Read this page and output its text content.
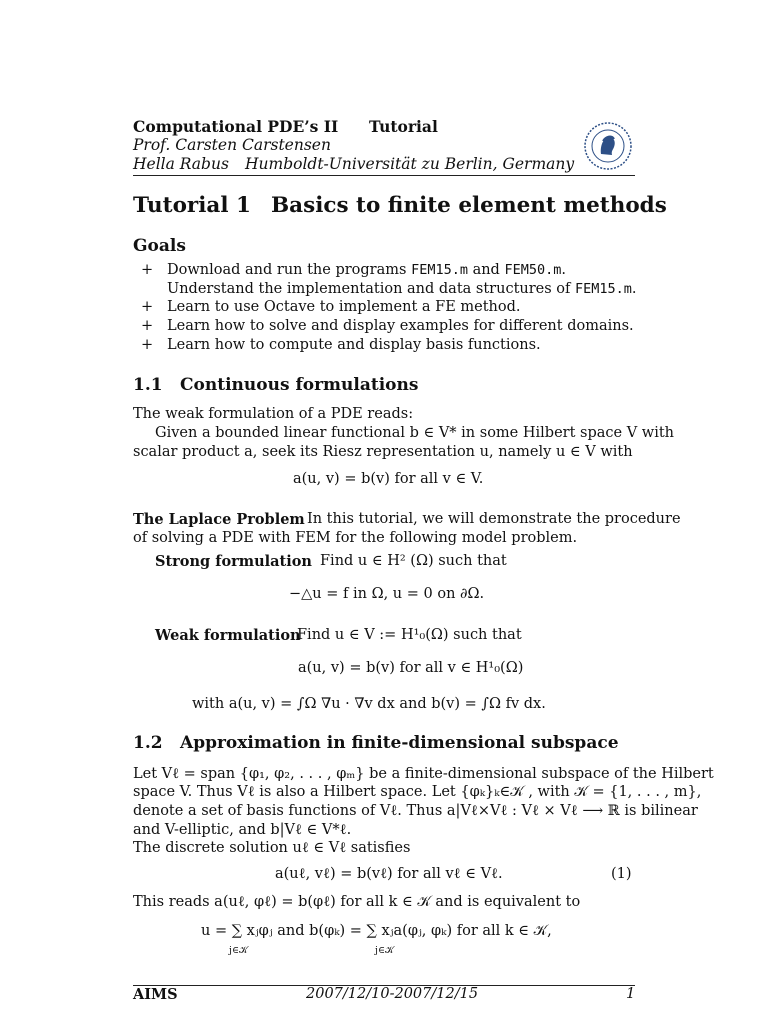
Computational PDE’s II Tutorial
Prof. Carsten Carstensen
Hella Rabus Humboldt-Universität zu Berlin, Germany
Tutorial 1 Basics to finite element methods
Goals
+ Download and run the programs FEM15.m and FEM50.m.
Understand the implementation and data structures of FEM15.m.
+ Learn to use Octave to implement a FE method.
+ Learn how to solve and display examples for different domains.
+ Learn how to compute and display basis functions.
1.1 Continuous formulations
The weak formulation of a PDE reads:
Given a bounded linear functional b ∈ V* in some Hilbert space V with
scalar product a, seek its Riesz representation u, namely u ∈ V with
a(u, v) = b(v) for all v ∈ V.
The Laplace Problem In this tutorial, we will demonstrate the procedure
of solving a PDE with FEM for the following model problem.
Strong formulation Find u ∈ H² (Ω) such that
−△u = f in Ω, u = 0 on ∂Ω.
Weak formulation
Find u ∈ V := H¹₀(Ω) such that
a(u, v) = b(v) for all v ∈ H¹₀(Ω)
with a(u, v) = ∫Ω ∇u · ∇v dx and b(v) = ∫Ω fv dx.
1.2 Approximation in finite-dimensional subspace
Let Vℓ = span {φ₁, φ₂, . . . , φₘ} be a finite-dimensional subspace of the Hilbert
space V. Thus Vℓ is also a Hilbert space. Let {φₖ}ₖ∈𝒦 , with 𝒦 = {1, . . . , m},
denote a set of basis functions of Vℓ. Thus a|Vℓ×Vℓ : Vℓ × Vℓ ⟶ ℝ is bilinear
and V-elliptic, and b|Vℓ ∈ V*ℓ.
The discrete solution uℓ ∈ Vℓ satisfies
a(uℓ, vℓ) = b(vℓ) for all vℓ ∈ Vℓ.	(1)
This reads a(uℓ, φℓ) = b(φℓ) for all k ∈ 𝒦 and is equivalent to
u = ∑ xⱼφⱼ and b(φₖ) = ∑ xⱼa(φⱼ, φₖ) for all k ∈ 𝒦,
j∈𝒦	j∈𝒦
AIMS	2007/12/10-2007/12/15	1
